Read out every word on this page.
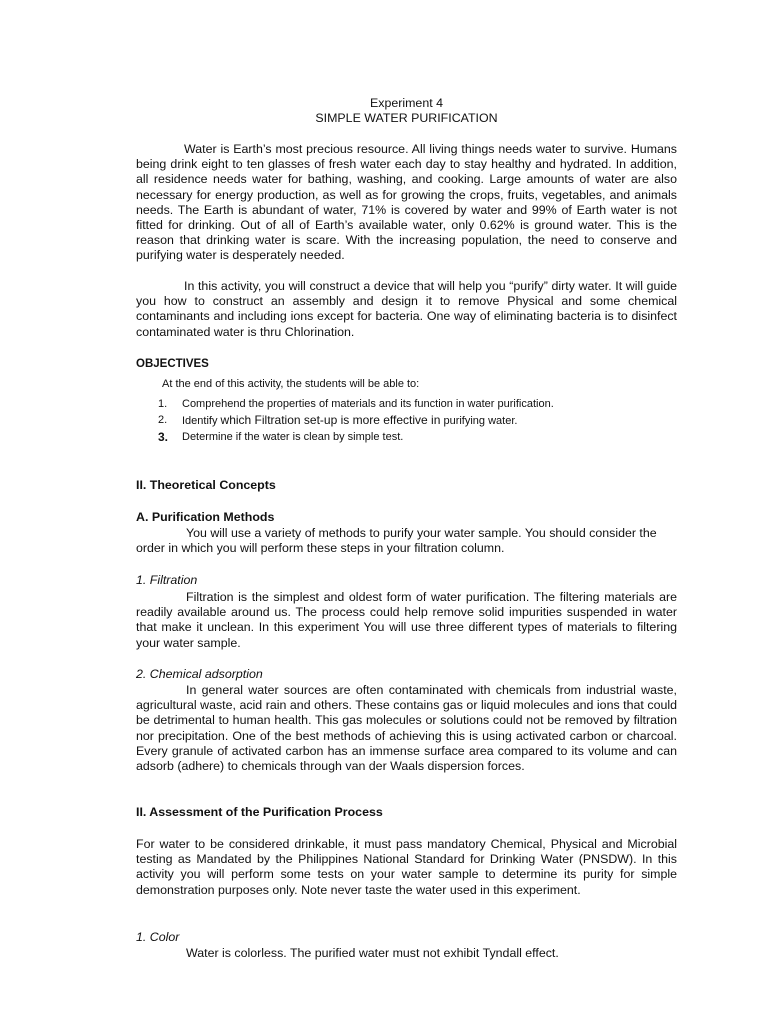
Experiment 4

SIMPLE WATER PURIFICATION

Water is Earth’s most precious resource. All living things needs water to survive. Humans being drink eight to ten glasses of fresh water each day to stay healthy and hydrated. In addition, all residence needs water for bathing, washing, and cooking. Large amounts of water are also necessary for energy production, as well as for growing the crops, fruits, vegetables, and animals needs. The Earth is abundant of water, 71% is covered by water and 99% of Earth water is not fitted for drinking. Out of all of Earth’s available water, only 0.62% is ground water. This is the reason that drinking water is scare. With the increasing population, the need to conserve and purifying water is desperately needed.

In this activity, you will construct a device that will help you “purify” dirty water. It will guide you how to construct an assembly and design it to remove Physical and some chemical contaminants and including ions except for bacteria. One way of eliminating bacteria is to disinfect contaminated water is thru Chlorination.

OBJECTIVES

At the end of this activity, the students will be able to:

1. Comprehend the properties of materials and its function in water purification.
2. Identify which Filtration set-up is more effective in purifying water.
3. Determine if the water is clean by simple test.

II. Theoretical Concepts

A. Purification Methods

You will use a variety of methods to purify your water sample. You should consider the order in which you will perform these steps in your filtration column.

1. Filtration

Filtration is the simplest and oldest form of water purification. The filtering materials are readily available around us. The process could help remove solid impurities suspended in water that make it unclean. In this experiment You will use three different types of materials to filtering your water sample.

2. Chemical adsorption

In general water sources are often contaminated with chemicals from industrial waste, agricultural waste, acid rain and others. These contains gas or liquid molecules and ions that could be detrimental to human health. This gas molecules or solutions could not be removed by filtration nor precipitation. One of the best methods of achieving this is using activated carbon or charcoal. Every granule of activated carbon has an immense surface area compared to its volume and can adsorb (adhere) to chemicals through van der Waals dispersion forces.

II. Assessment of the Purification Process

For water to be considered drinkable, it must pass mandatory Chemical, Physical and Microbial testing as Mandated by the Philippines National Standard for Drinking Water (PNSDW). In this activity you will perform some tests on your water sample to determine its purity for simple demonstration purposes only. Note never taste the water used in this experiment.

1. Color

Water is colorless. The purified water must not exhibit Tyndall effect.
